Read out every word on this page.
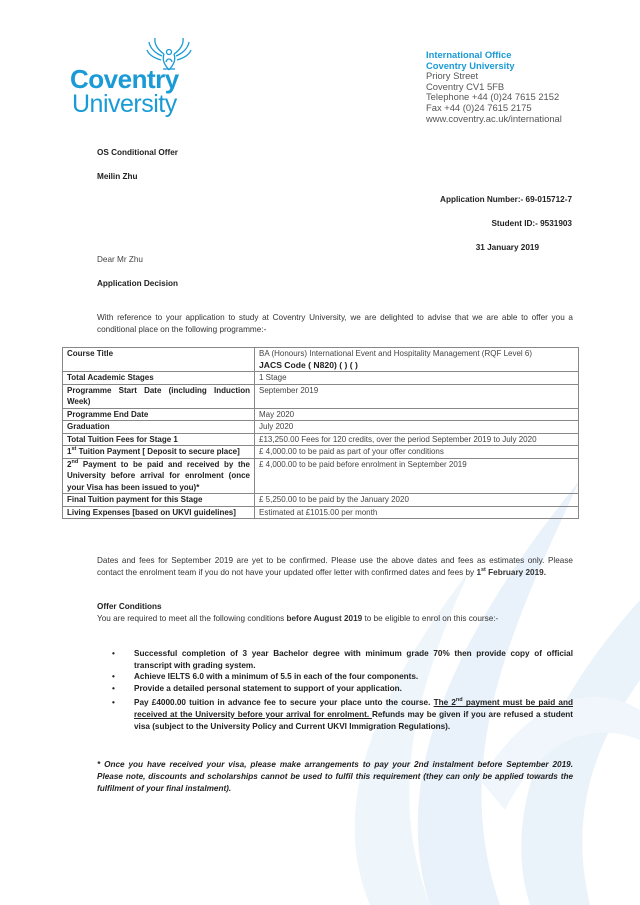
Coventry
University
International Office
Coventry University
Priory Street
Coventry CV1 5FB
Telephone +44 (0)24 7615 2152
Fax +44 (0)24 7615 2175
www.coventry.ac.uk/international
OS Conditional Offer
Meilin Zhu
Application Number:- 69-015712-7
Student ID:- 9531903
31 January 2019
Dear Mr Zhu
Application Decision
With reference to your application to study at Coventry University, we are delighted to advise that we are able to offer you a conditional place on the following programme:-
Course Title	BA (Honours) International Event and Hospitality Management (RQF Level 6)
JACS Code ( N820) ( ) ( )

Total Academic Stages	1 Stage
Programme Start Date (including Induction Week)	September 2019
Programme End Date	May 2020
Graduation	July 2020
Total Tuition Fees for Stage 1	£13,250.00 Fees for 120 credits, over the period September 2019 to July 2020
1st Tuition Payment [ Deposit to secure place]	£ 4,000.00 to be paid as part of your offer conditions
2nd Payment to be paid and received by the University before arrival for enrolment (once your Visa has been issued to you)*	£ 4,000.00 to be paid before enrolment in September 2019
Final Tuition payment for this Stage	£ 5,250.00 to be paid by the January 2020
Living Expenses [based on UKVI guidelines]	Estimated at £1015.00 per month
Dates and fees for September 2019 are yet to be confirmed. Please use the above dates and fees as estimates only. Please contact the enrolment team if you do not have your updated offer letter with confirmed dates and fees by 1st February 2019.
Offer Conditions
You are required to meet all the following conditions before August 2019 to be eligible to enrol on this course:-
• Successful completion of 3 year Bachelor degree with minimum grade 70% then provide copy of official transcript with grading system.
• Achieve IELTS 6.0 with a minimum of 5.5 in each of the four components.
• Provide a detailed personal statement to support of your application.
• Pay £4000.00 tuition in advance fee to secure your place unto the course. The 2nd payment must be paid and received at the University before your arrival for enrolment. Refunds may be given if you are refused a student visa (subject to the University Policy and Current UKVI Immigration Regulations).
* Once you have received your visa, please make arrangements to pay your 2nd instalment before September 2019. Please note, discounts and scholarships cannot be used to fulfil this requirement (they can only be applied towards the fulfilment of your final instalment).
